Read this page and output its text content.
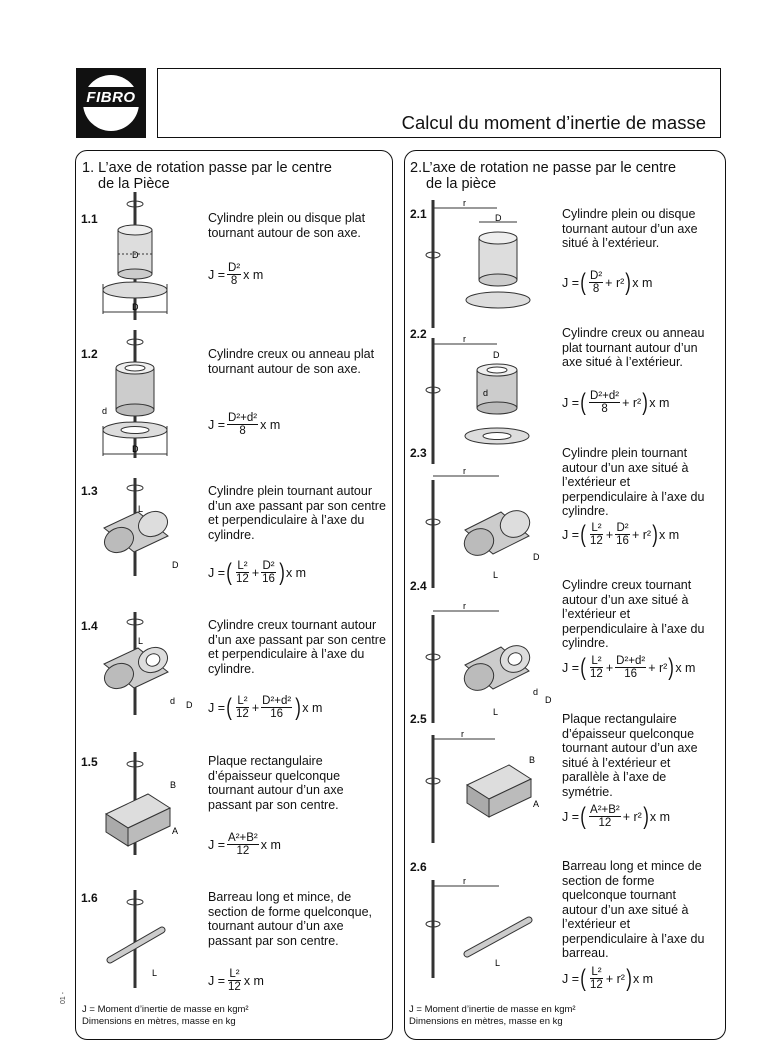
FIBRO
Calcul du moment d’inertie de masse
1. L’axe de rotation passe par le centre
de la Pièce
1.1	Cylindre plein ou disque plat tournant autour de son axe.
$J = \frac{\text{D²}}{8}$ x m
D
D
1.2	Cylindre creux ou anneau plat tournant autour de son axe.
$J = \frac{\text{D²+d²}}{8}$ x m
d
D
1.3	Cylindre plein tournant autour d’un axe passant par son centre et perpendiculaire à l’axe du cylindre.
J = ( $\frac{\text{L²}}{12} + \frac{\text{D²}}{16}$ ) x m
L
D
1.4	Cylindre creux tournant autour d’un axe passant par son centre et perpendiculaire à l’axe du cylindre.
J = ( $\frac{\text{L²}}{12} + \frac{\text{D²+d²}}{16}$ ) x m
L
d D
1.5	Plaque rectangulaire d’épaisseur quelconque tournant autour d’un axe passant par son centre.
$J = \frac{\text{A²+B²}}{12}$ x m
B
A
1.6	Barreau long et mince, de section de forme quelconque, tournant autour d’un axe passant par son centre.
$J = \frac{\text{L²}}{12}$ x m
L
J = Moment d’inertie de masse en kgm²
Dimensions en mètres, masse en kg
2.L’axe de rotation ne passe par le centre
de la pièce
2.1	Cylindre plein ou disque tournant autour d’un axe situé à l’extérieur.
J = ( $\frac{\text{D²}}{8} + r^2$ ) x m
r
D
2.2	Cylindre creux ou anneau plat tournant autour d’un axe situé à l’extérieur.
J = ( $\frac{\text{D²+d²}}{8} + r^2$ ) x m
r
d
D
2.3	Cylindre plein tournant autour d’un axe situé à l’extérieur et perpendiculaire à l’axe du cylindre.
J = ( $\frac{\text{L²}}{12} + \frac{\text{D²}}{16} + r^2$ ) x m
r
L
D
2.4	Cylindre creux tournant autour d’un axe situé à l’extérieur et perpendiculaire à l’axe du cylindre.
J = ( $\frac{\text{L²}}{12} + \frac{\text{D²+d²}}{16} + r^2$ ) x m
r
L
d
D
2.5	Plaque rectangulaire d’épaisseur quelconque tournant autour d’un axe situé à l’extérieur et parallèle à l’axe de symétrie.
J = ( $\frac{\text{A²+B²}}{12} + r^2$ ) x m
r
B
A
2.6	Barreau long et mince de section de forme quelconque tournant autour d’un axe situé à l’extérieur et perpendiculaire à l’axe du barreau.
J = ( $\frac{\text{L²}}{12} + r^2$ ) x m
r
L
J = Moment d’inertie de masse en kgm²
Dimensions en mètres, masse en kg
01 -
